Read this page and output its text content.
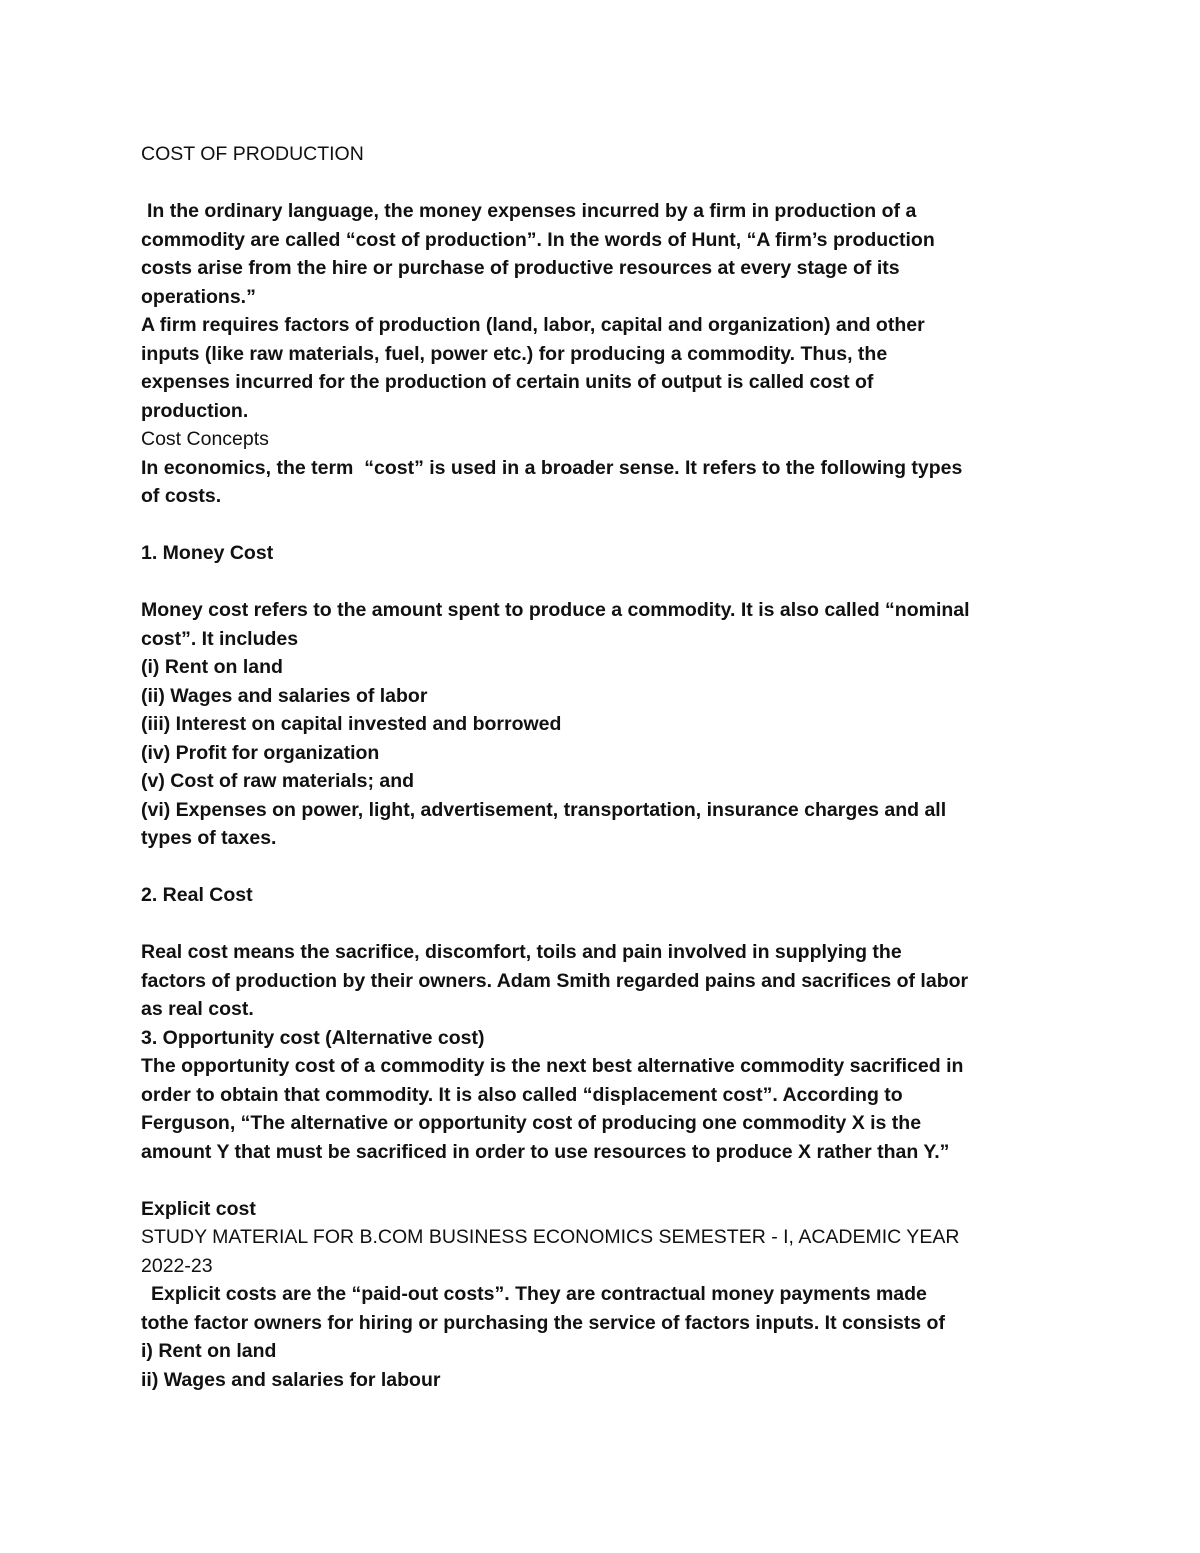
COST OF PRODUCTION
In the ordinary language, the money expenses incurred by a firm in production of a
commodity are called “cost of production”. In the words of Hunt, “A firm’s production
costs arise from the hire or purchase of productive resources at every stage of its
operations.”
A firm requires factors of production (land, labor, capital and organization) and other
inputs (like raw materials, fuel, power etc.) for producing a commodity. Thus, the
expenses incurred for the production of certain units of output is called cost of
production.
Cost Concepts
In economics, the term  “cost” is used in a broader sense. It refers to the following types
of costs.
1. Money Cost
Money cost refers to the amount spent to produce a commodity. It is also called “nominal
cost”. It includes
(i) Rent on land
(ii) Wages and salaries of labor
(iii) Interest on capital invested and borrowed
(iv) Profit for organization
(v) Cost of raw materials; and
(vi) Expenses on power, light, advertisement, transportation, insurance charges and all
types of taxes.
2. Real Cost
Real cost means the sacrifice, discomfort, toils and pain involved in supplying the
factors of production by their owners. Adam Smith regarded pains and sacrifices of labor
as real cost.
3. Opportunity cost (Alternative cost)
The opportunity cost of a commodity is the next best alternative commodity sacrificed in
order to obtain that commodity. It is also called “displacement cost”. According to
Ferguson, “The alternative or opportunity cost of producing one commodity X is the
amount Y that must be sacrificed in order to use resources to produce X rather than Y.”
Explicit cost
STUDY MATERIAL FOR B.COM BUSINESS ECONOMICS SEMESTER - I, ACADEMIC YEAR
2022-23
Explicit costs are the “paid-out costs”. They are contractual money payments made
tothe factor owners for hiring or purchasing the service of factors inputs. It consists of
i) Rent on land
ii) Wages and salaries for labour
